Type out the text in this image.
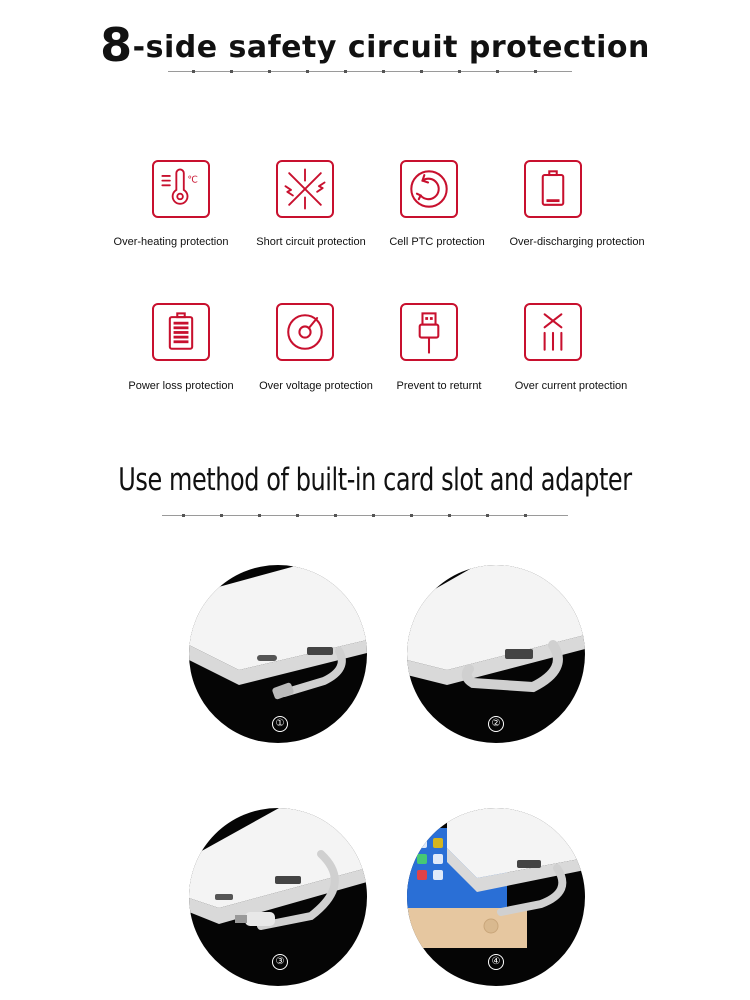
8-side safety circuit protection
℃
Over-heating protection	Short circuit protection	Cell PTC protection	Over-discharging protection
Power loss protection	Over voltage protection	Prevent to returnt	Over current protection
Use method of built-in card slot and adapter
①	②
③	④
